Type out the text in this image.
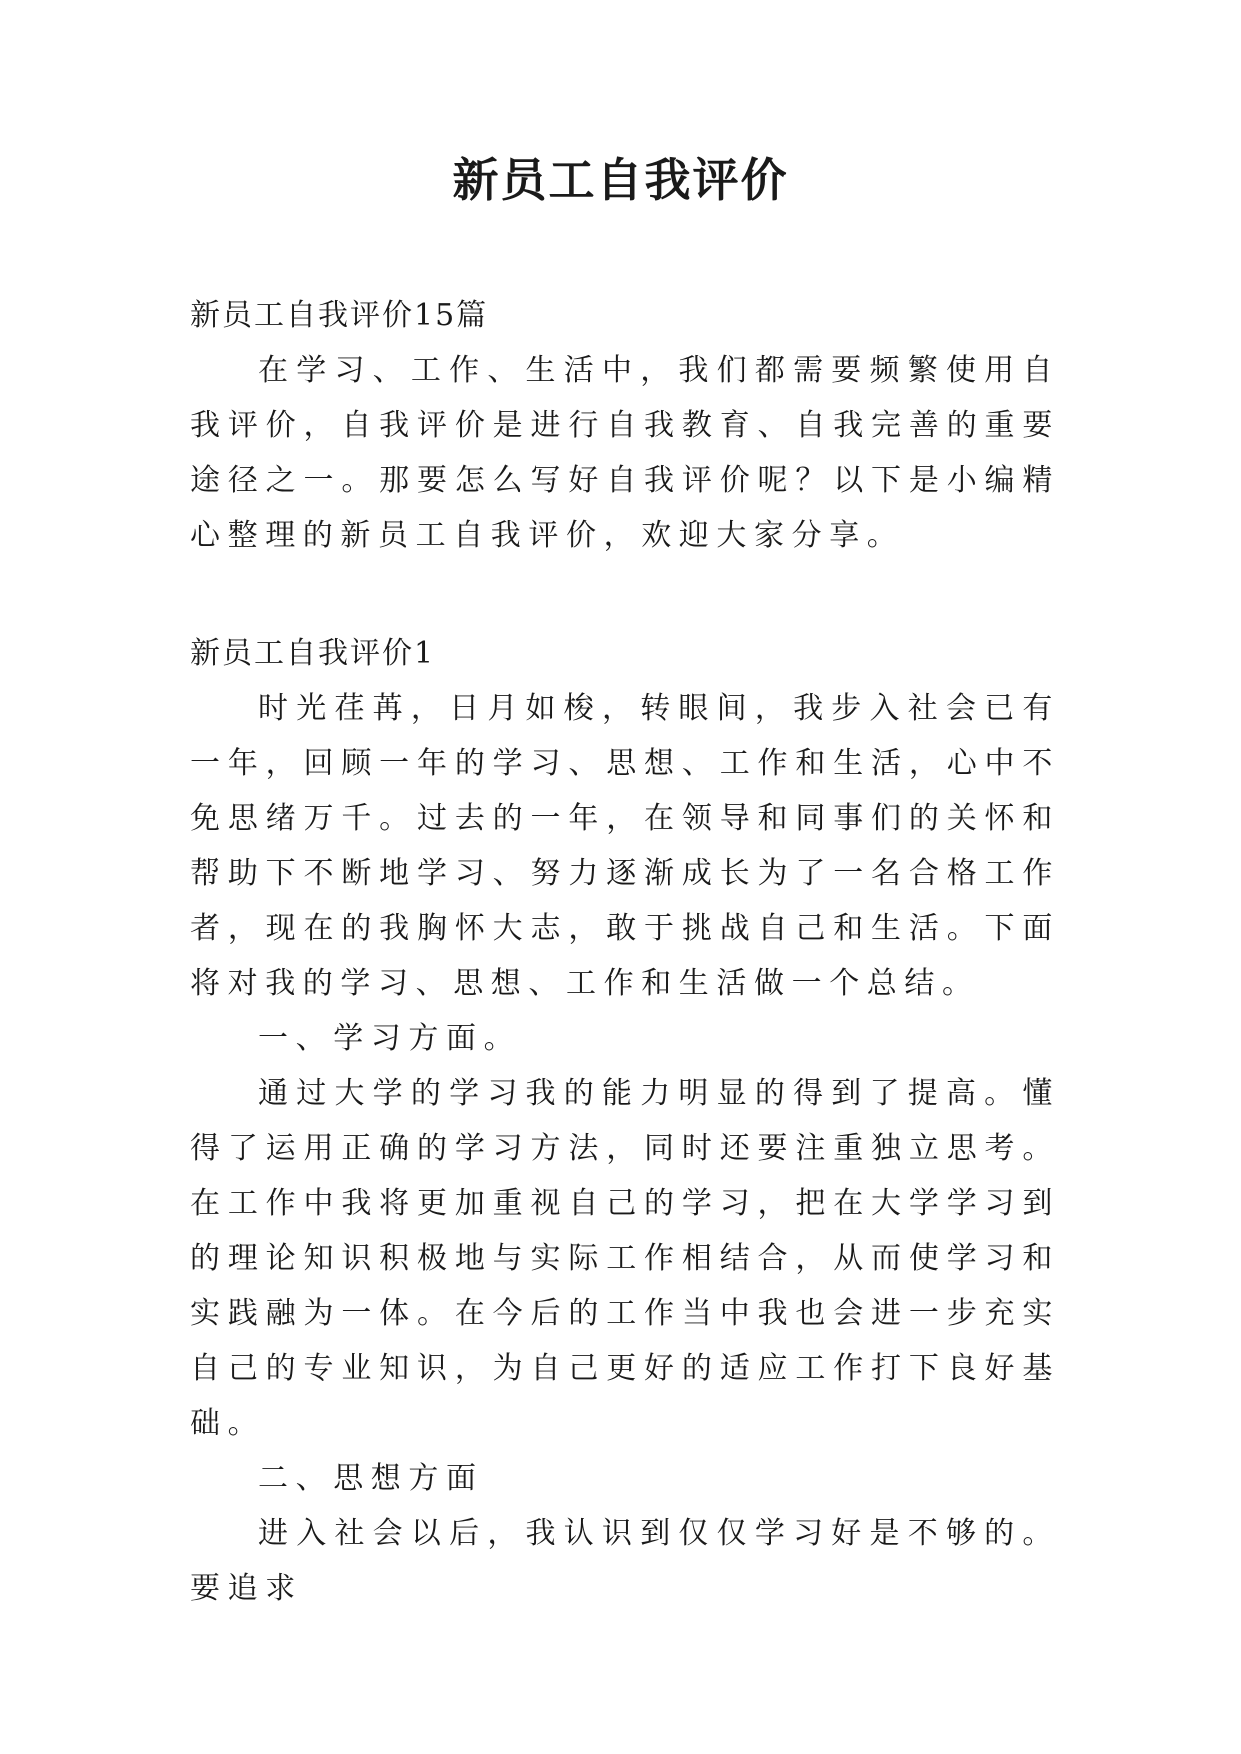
新员工自我评价

新员工自我评价15篇

在学习、工作、生活中，我们都需要频繁使用自我评价，自我评价是进行自我教育、自我完善的重要途径之一。那要怎么写好自我评价呢？以下是小编精心整理的新员工自我评价，欢迎大家分享。

新员工自我评价1

时光荏苒，日月如梭，转眼间，我步入社会已有一年，回顾一年的学习、思想、工作和生活，心中不免思绪万千。过去的一年，在领导和同事们的关怀和帮助下不断地学习、努力逐渐成长为了一名合格工作者，现在的我胸怀大志，敢于挑战自己和生活。下面将对我的学习、思想、工作和生活做一个总结。

一、学习方面。

通过大学的学习我的能力明显的得到了提高。懂得了运用正确的学习方法，同时还要注重独立思考。在工作中我将更加重视自己的学习，把在大学学习到的理论知识积极地与实际工作相结合，从而使学习和实践融为一体。在今后的工作当中我也会进一步充实自己的专业知识，为自己更好的适应工作打下良好基础。

二、思想方面

进入社会以后，我认识到仅仅学习好是不够的。要追求
